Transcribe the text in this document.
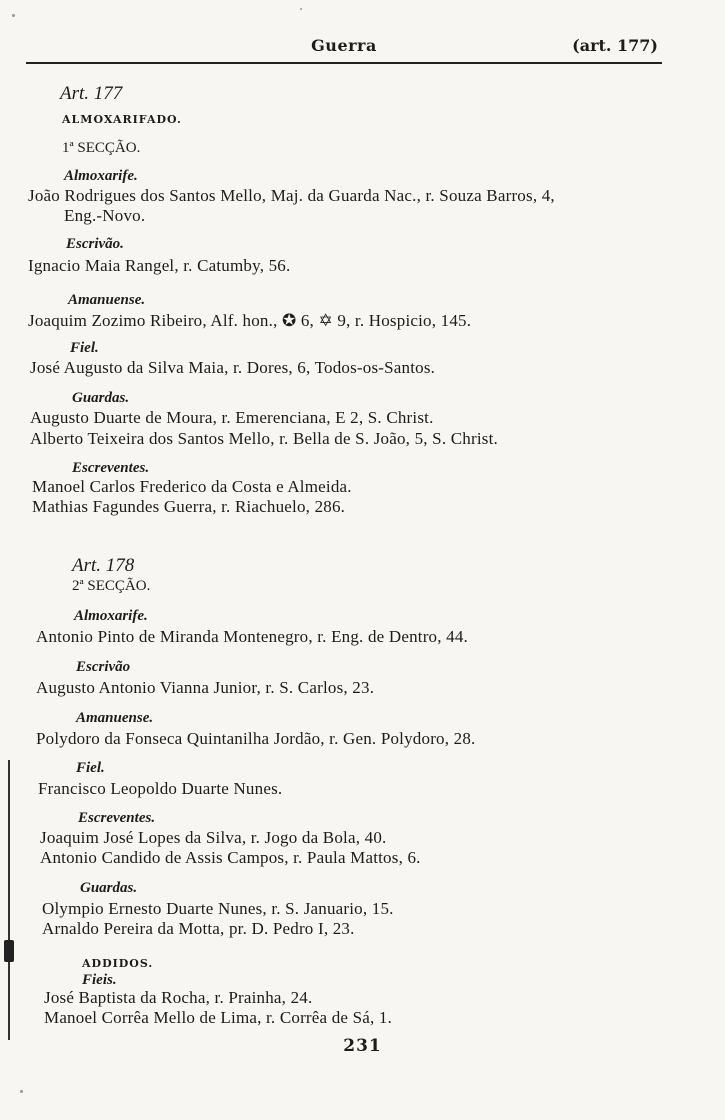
Guerra	(art. 177)
Art. 177
ALMOXARIFADO.
1ª SECÇÃO.
Almoxarife.
João Rodrigues dos Santos Mello, Maj. da Guarda Nac., r. Souza Barros, 4,
Eng.-Novo.
Escrivão.
Ignacio Maia Rangel, r. Catumby, 56.
Amanuense.
Joaquim Zozimo Ribeiro, Alf. hon., ✪ 6, ✡ 9, r. Hospicio, 145.
Fiel.
José Augusto da Silva Maia, r. Dores, 6, Todos-os-Santos.
Guardas.
Augusto Duarte de Moura, r. Emerenciana, E 2, S. Christ.
Alberto Teixeira dos Santos Mello, r. Bella de S. João, 5, S. Christ.
Escreventes.
Manoel Carlos Frederico da Costa e Almeida.
Mathias Fagundes Guerra, r. Riachuelo, 286.
Art. 178
2ª SECÇÃO.
Almoxarife.
Antonio Pinto de Miranda Montenegro, r. Eng. de Dentro, 44.
Escrivão
Augusto Antonio Vianna Junior, r. S. Carlos, 23.
Amanuense.
Polydoro da Fonseca Quintanilha Jordão, r. Gen. Polydoro, 28.
Fiel.
Francisco Leopoldo Duarte Nunes.
Escreventes.
Joaquim José Lopes da Silva, r. Jogo da Bola, 40.
Antonio Candido de Assis Campos, r. Paula Mattos, 6.
Guardas.
Olympio Ernesto Duarte Nunes, r. S. Januario, 15.
Arnaldo Pereira da Motta, pr. D. Pedro I, 23.
ADDIDOS.
Fieis.
José Baptista da Rocha, r. Prainha, 24.
Manoel Corrêa Mello de Lima, r. Corrêa de Sá, 1.
231
